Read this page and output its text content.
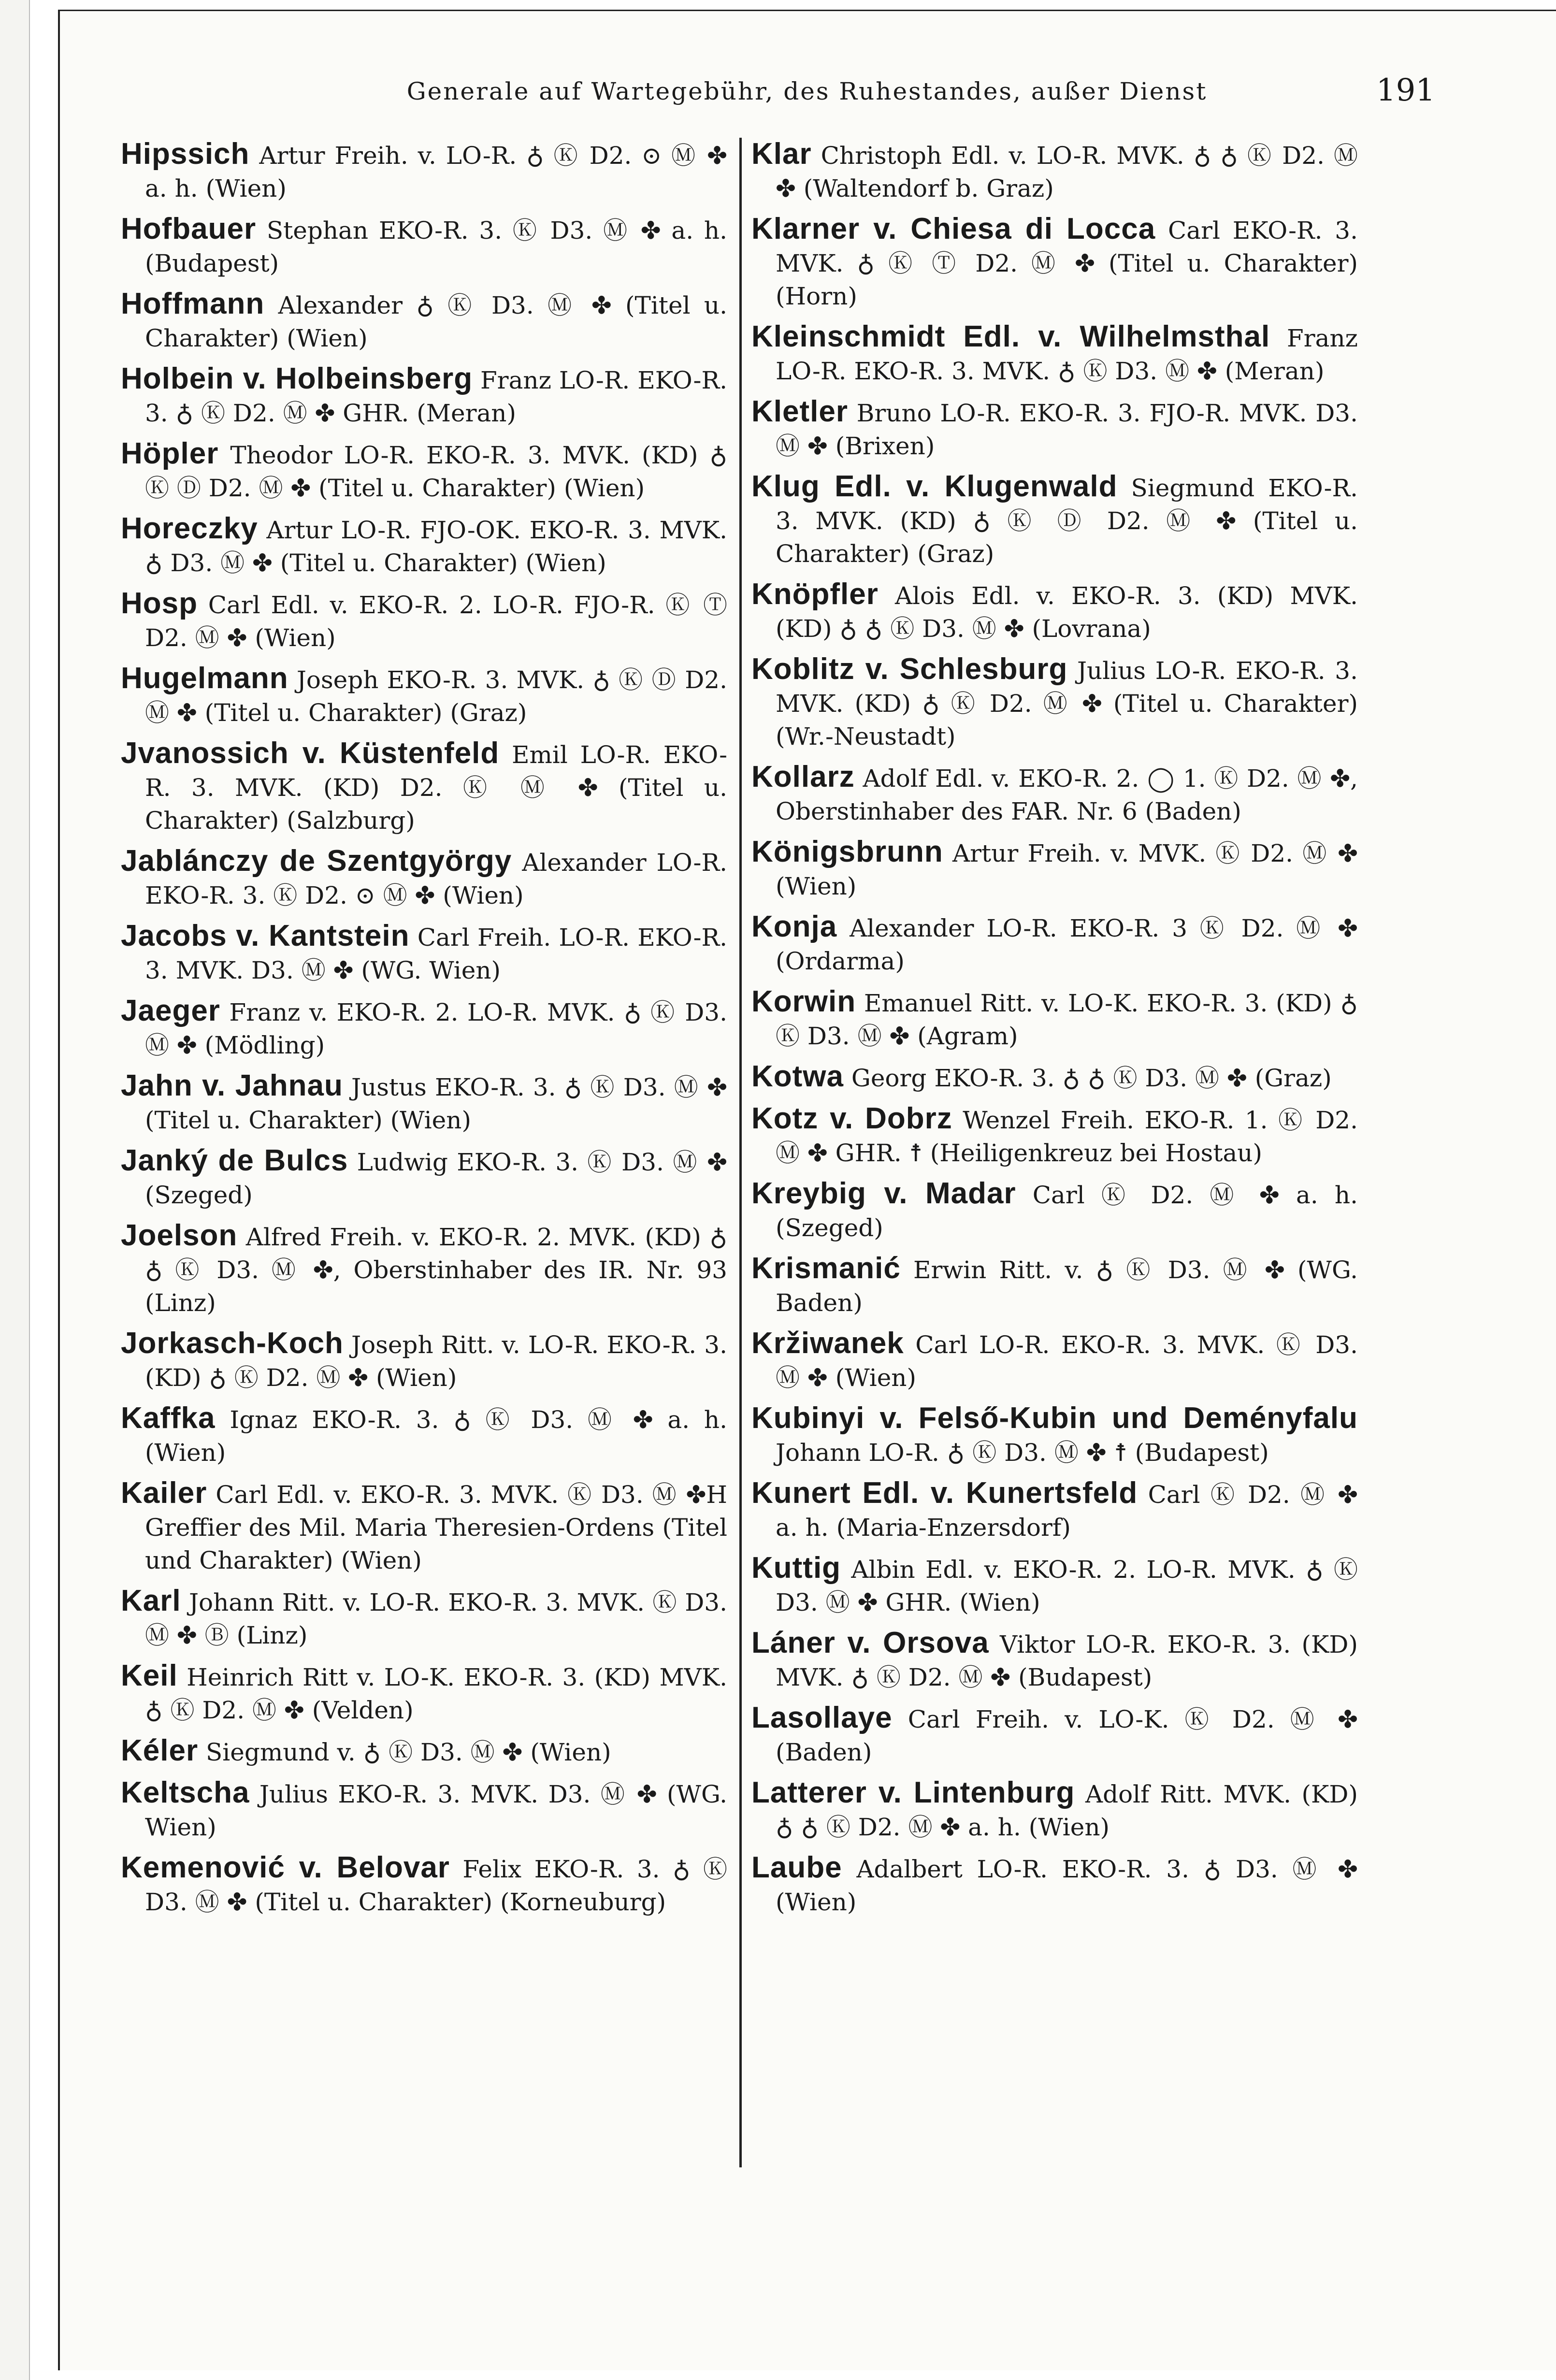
Generale auf Wartegebühr, des Ruhestandes, außer Dienst	191

Hipssich Artur Freih. v. LO-R. ♁ Ⓚ D2. ⊙ Ⓜ ✤ a. h. (Wien)

Hofbauer Stephan EKO-R. 3. Ⓚ D3. Ⓜ ✤ a. h. (Budapest)

Hoffmann Alexander ♁ Ⓚ D3. Ⓜ ✤ (Titel u. Charakter) (Wien)

Holbein v. Holbeinsberg Franz LO-R. EKO-R. 3. ♁ Ⓚ D2. Ⓜ ✤ GHR. (Meran)

Höpler Theodor LO-R. EKO-R. 3. MVK. (KD) ♁ Ⓚ Ⓓ D2. Ⓜ ✤ (Titel u. Charakter) (Wien)

Horeczky Artur LO-R. FJO-OK. EKO-R. 3. MVK. ♁ D3. Ⓜ ✤ (Titel u. Charakter) (Wien)

Hosp Carl Edl. v. EKO-R. 2. LO-R. FJO-R. Ⓚ Ⓣ D2. Ⓜ ✤ (Wien)

Hugelmann Joseph EKO-R. 3. MVK. ♁ Ⓚ Ⓓ D2. Ⓜ ✤ (Titel u. Charakter) (Graz)

Jvanossich v. Küstenfeld Emil LO-R. EKO-R. 3. MVK. (KD) D2. Ⓚ Ⓜ ✤ (Titel u. Charakter) (Salzburg)

Jablánczy de Szentgyörgy Alexander LO-R. EKO-R. 3. Ⓚ D2. ⊙ Ⓜ ✤ (Wien)

Jacobs v. Kantstein Carl Freih. LO-R. EKO-R. 3. MVK. D3. Ⓜ ✤ (WG. Wien)

Jaeger Franz v. EKO-R. 2. LO-R. MVK. ♁ Ⓚ D3. Ⓜ ✤ (Mödling)

Jahn v. Jahnau Justus EKO-R. 3. ♁ Ⓚ D3. Ⓜ ✤ (Titel u. Charakter) (Wien)

Janký de Bulcs Ludwig EKO-R. 3. Ⓚ D3. Ⓜ ✤ (Szeged)

Joelson Alfred Freih. v. EKO-R. 2. MVK. (KD) ♁ ♁ Ⓚ D3. Ⓜ ✤, Oberstinhaber des IR. Nr. 93 (Linz)

Jorkasch-Koch Joseph Ritt. v. LO-R. EKO-R. 3. (KD) ♁ Ⓚ D2. Ⓜ ✤ (Wien)

Kaffka Ignaz EKO-R. 3. ♁ Ⓚ D3. Ⓜ ✤ a. h. (Wien)

Kailer Carl Edl. v. EKO-R. 3. MVK. Ⓚ D3. Ⓜ ✤H Greffier des Mil. Maria Theresien-Ordens (Titel und Charakter) (Wien)

Karl Johann Ritt. v. LO-R. EKO-R. 3. MVK. Ⓚ D3. Ⓜ ✤ Ⓑ (Linz)

Keil Heinrich Ritt v. LO-K. EKO-R. 3. (KD) MVK. ♁ Ⓚ D2. Ⓜ ✤ (Velden)

Kéler Siegmund v. ♁ Ⓚ D3. Ⓜ ✤ (Wien)

Keltscha Julius EKO-R. 3. MVK. D3. Ⓜ ✤ (WG. Wien)

Kemenović v. Belovar Felix EKO-R. 3. ♁ Ⓚ D3. Ⓜ ✤ (Titel u. Charakter) (Korneuburg)

Klar Christoph Edl. v. LO-R. MVK. ♁ ♁ Ⓚ D2. Ⓜ ✤ (Waltendorf b. Graz)

Klarner v. Chiesa di Locca Carl EKO-R. 3. MVK. ♁ Ⓚ Ⓣ D2. Ⓜ ✤ (Titel u. Charakter) (Horn)

Kleinschmidt Edl. v. Wilhelmsthal Franz LO-R. EKO-R. 3. MVK. ♁ Ⓚ D3. Ⓜ ✤ (Meran)

Kletler Bruno LO-R. EKO-R. 3. FJO-R. MVK. D3. Ⓜ ✤ (Brixen)

Klug Edl. v. Klugenwald Siegmund EKO-R. 3. MVK. (KD) ♁ Ⓚ Ⓓ D2. Ⓜ ✤ (Titel u. Charakter) (Graz)

Knöpfler Alois Edl. v. EKO-R. 3. (KD) MVK. (KD) ♁ ♁ Ⓚ D3. Ⓜ ✤ (Lovrana)

Koblitz v. Schlesburg Julius LO-R. EKO-R. 3. MVK. (KD) ♁ Ⓚ D2. Ⓜ ✤ (Titel u. Charakter) (Wr.-Neustadt)

Kollarz Adolf Edl. v. EKO-R. 2. ◯ 1. Ⓚ D2. Ⓜ ✤, Oberstinhaber des FAR. Nr. 6 (Baden)

Königsbrunn Artur Freih. v. MVK. Ⓚ D2. Ⓜ ✤ (Wien)

Konja Alexander LO-R. EKO-R. 3 Ⓚ D2. Ⓜ ✤ (Ordarma)

Korwin Emanuel Ritt. v. LO-K. EKO-R. 3. (KD) ♁ Ⓚ D3. Ⓜ ✤ (Agram)

Kotwa Georg EKO-R. 3. ♁ ♁ Ⓚ D3. Ⓜ ✤ (Graz)

Kotz v. Dobrz Wenzel Freih. EKO-R. 1. Ⓚ D2. Ⓜ ✤ GHR. ☨ (Heiligenkreuz bei Hostau)

Kreybig v. Madar Carl Ⓚ D2. Ⓜ ✤ a. h. (Szeged)

Krismanić Erwin Ritt. v. ♁ Ⓚ D3. Ⓜ ✤ (WG. Baden)

Kržiwanek Carl LO-R. EKO-R. 3. MVK. Ⓚ D3. Ⓜ ✤ (Wien)

Kubinyi v. Felső-Kubin und Deményfalu Johann LO-R. ♁ Ⓚ D3. Ⓜ ✤ ☨ (Budapest)

Kunert Edl. v. Kunertsfeld Carl Ⓚ D2. Ⓜ ✤ a. h. (Maria-Enzersdorf)

Kuttig Albin Edl. v. EKO-R. 2. LO-R. MVK. ♁ Ⓚ D3. Ⓜ ✤ GHR. (Wien)

Láner v. Orsova Viktor LO-R. EKO-R. 3. (KD) MVK. ♁ Ⓚ D2. Ⓜ ✤ (Budapest)

Lasollaye Carl Freih. v. LO-K. Ⓚ D2. Ⓜ ✤ (Baden)

Latterer v. Lintenburg Adolf Ritt. MVK. (KD) ♁ ♁ Ⓚ D2. Ⓜ ✤ a. h. (Wien)

Laube Adalbert LO-R. EKO-R. 3. ♁ D3. Ⓜ ✤ (Wien)
